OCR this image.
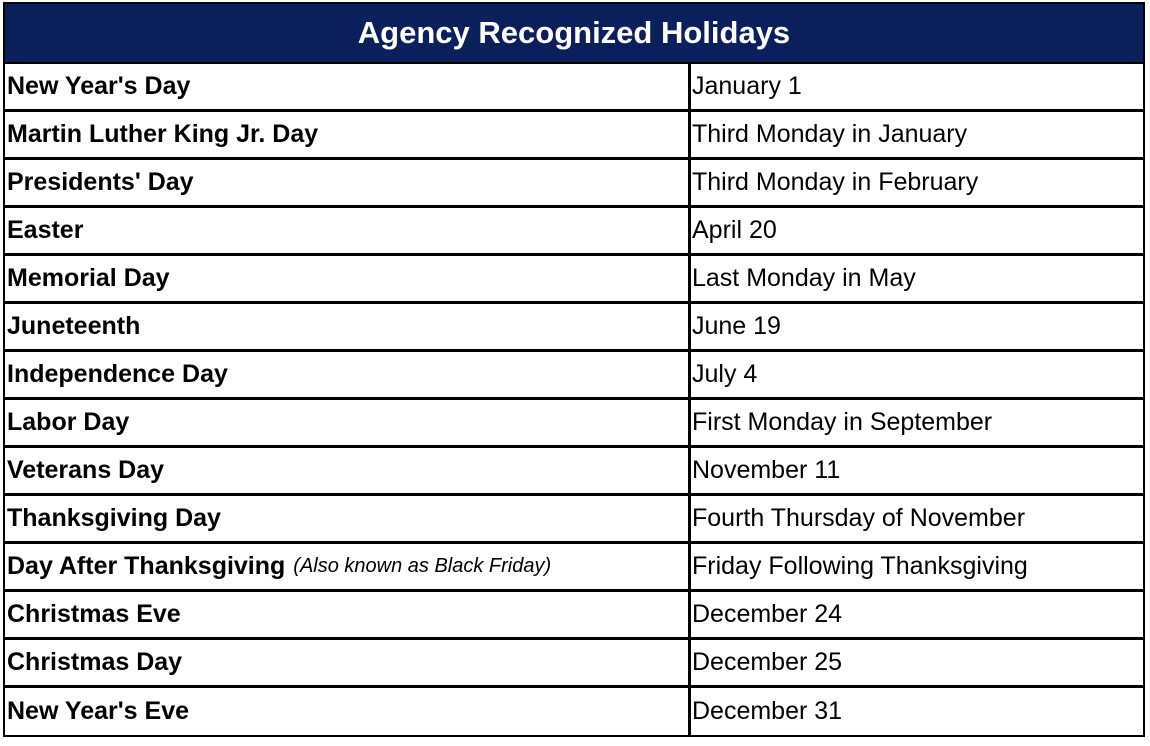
Agency Recognized Holidays
New Year's Day	January 1
Martin Luther King Jr. Day	Third Monday in January
Presidents' Day	Third Monday in February
Easter	April 20
Memorial Day	Last Monday in May
Juneteenth	June 19
Independence Day	July 4
Labor Day	First Monday in September
Veterans Day	November 11
Thanksgiving Day	Fourth Thursday of November
Day After Thanksgiving (Also known as Black Friday)	Friday Following Thanksgiving
Christmas Eve	December 24
Christmas Day	December 25
New Year's Eve	December 31
